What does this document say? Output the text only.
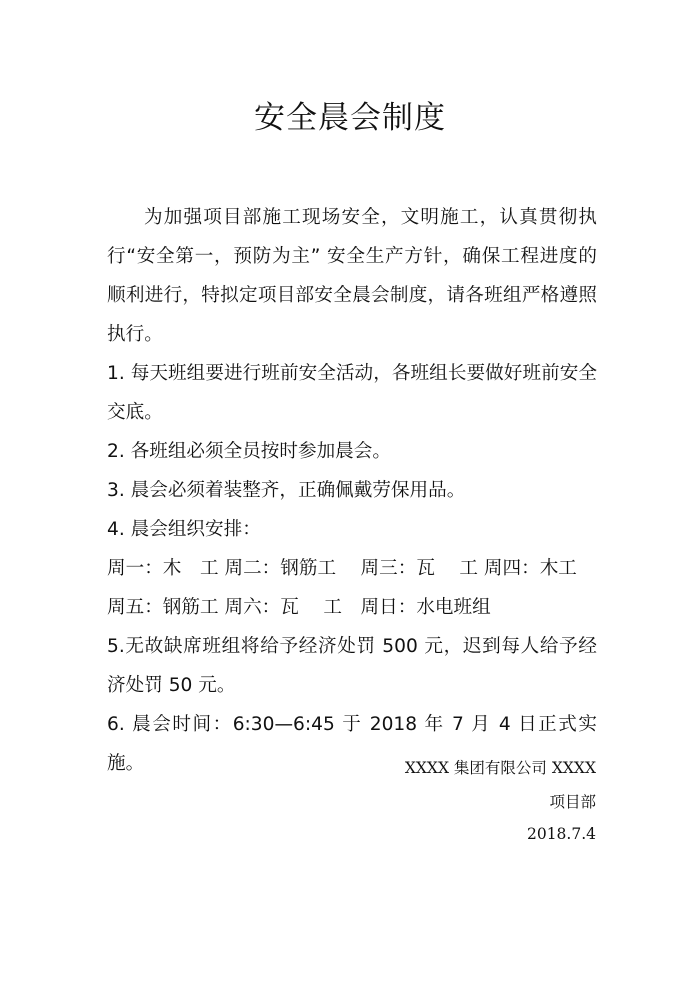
安全晨会制度

为加强项目部施工现场安全，文明施工，认真贯彻执行“安全第一，预防为主” 安全生产方针，确保工程进度的顺利进行，特拟定项目部安全晨会制度，请各班组严格遵照执行。

1. 每天班组要进行班前安全活动，各班组长要做好班前安全交底。

2. 各班组必须全员按时参加晨会。

3. 晨会必须着装整齐，正确佩戴劳保用品。

4. 晨会组织安排：

周一：木　工 周二：钢筋工　 周三：瓦　 工 周四：木工

周五：钢筋工 周六：瓦　 工　周日：水电班组

5.无故缺席班组将给予经济处罚 500 元，迟到每人给予经济处罚 50 元。

6. 晨会时间：6:30—6:45 于 2018 年 7 月 4 日正式实施。	XXXX 集团有限公司 XXXX
项目部
2018.7.4
